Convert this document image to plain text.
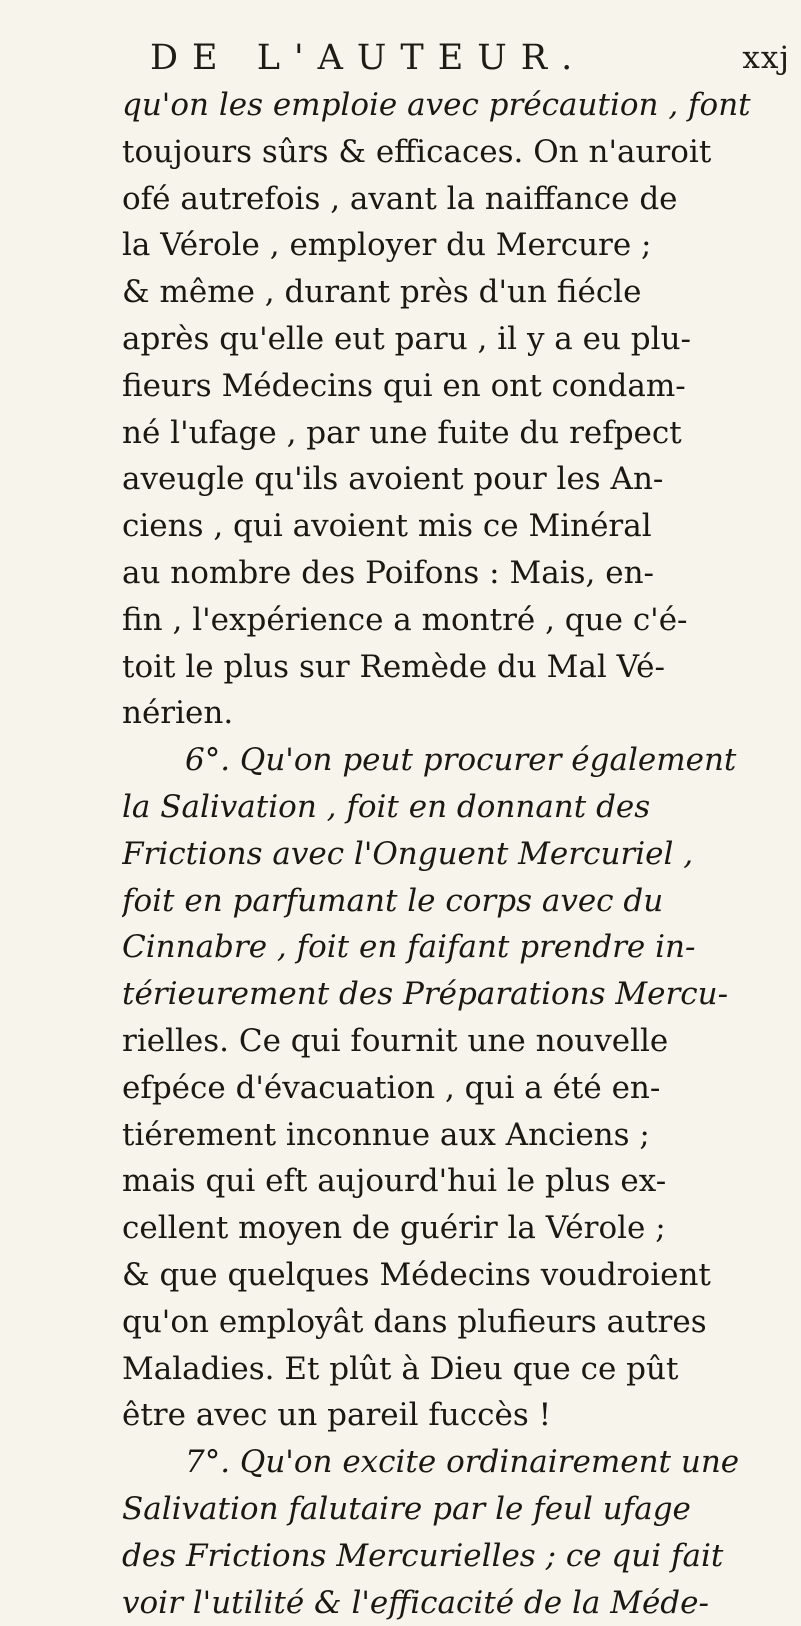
DE L'AUTEUR.	xxj
qu'on les emploie avec précaution , font
toujours sûrs & efficaces. On n'auroit
ofé autrefois , avant la naiffance de
la Vérole , employer du Mercure ;
& même , durant près d'un fiécle
après qu'elle eut paru , il y a eu plu-
fieurs Médecins qui en ont condam-
né l'ufage , par une fuite du refpect
aveugle qu'ils avoient pour les An-
ciens , qui avoient mis ce Minéral
au nombre des Poifons : Mais, en-
fin , l'expérience a montré , que c'é-
toit le plus sur Remède du Mal Vé-
nérien.
6°. Qu'on peut procurer également
la Salivation , foit en donnant des
Frictions avec l'Onguent Mercuriel ,
foit en parfumant le corps avec du
Cinnabre , foit en faifant prendre in-
térieurement des Préparations Mercu-
rielles. Ce qui fournit une nouvelle
efpéce d'évacuation , qui a été en-
tiérement inconnue aux Anciens ;
mais qui eft aujourd'hui le plus ex-
cellent moyen de guérir la Vérole ;
& que quelques Médecins voudroient
qu'on employât dans plufieurs autres
Maladies. Et plût à Dieu que ce pût
être avec un pareil fuccès !
7°. Qu'on excite ordinairement une
Salivation falutaire par le feul ufage
des Frictions Mercurielles ; ce qui fait
voir l'utilité & l'efficacité de la Méde-
